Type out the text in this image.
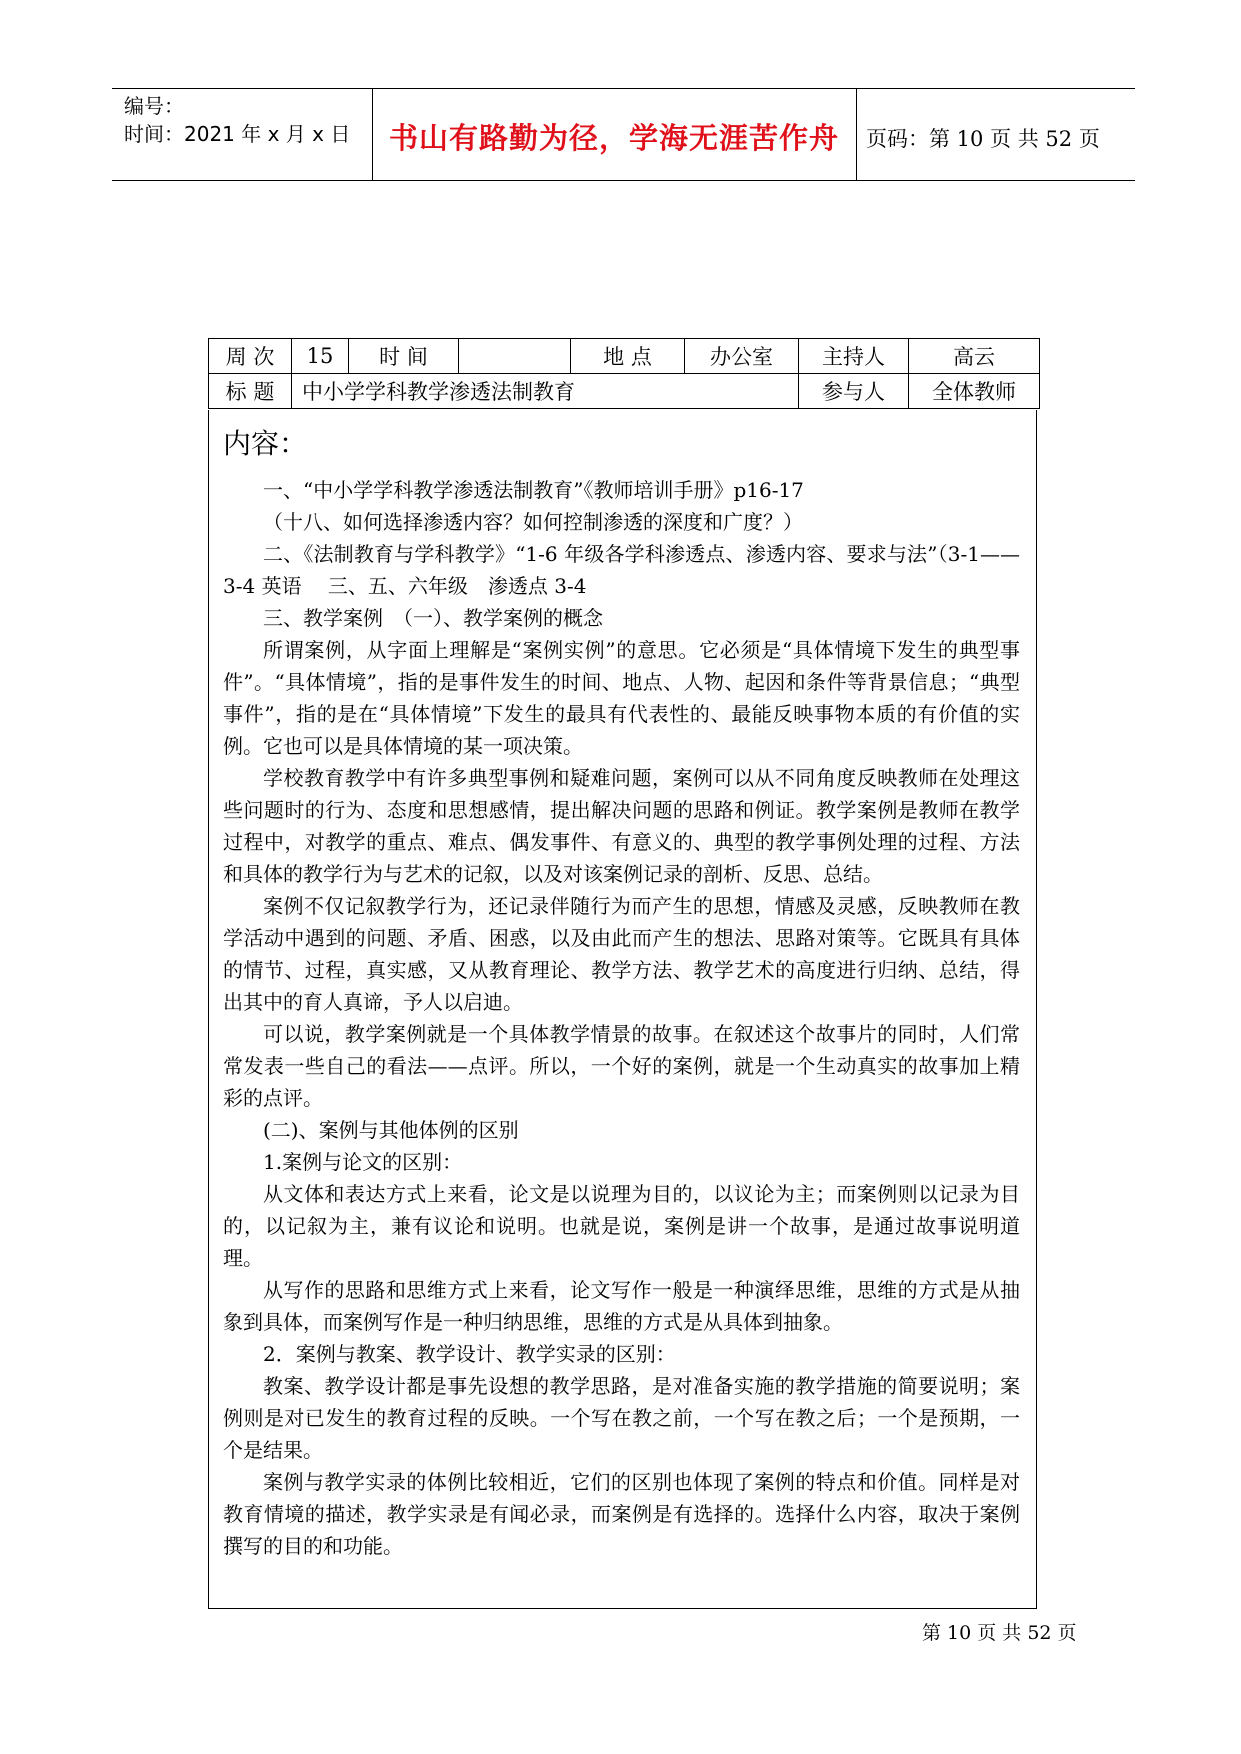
编号：
时间：2021 年 x 月 x 日	书山有路勤为径，学海无涯苦作舟	页码：第 10 页 共 52 页
周 次	15	时 间		地 点	办公室	主持人	高云
标 题	中小学学科教学渗透法制教育					参与人	全体教师
内容：

一、“中小学学科教学渗透法制教育”《教师培训手册》p16-17

（十八、如何选择渗透内容？如何控制渗透的深度和广度？）

二、《法制教育与学科教学》“1-6 年级各学科渗透点、渗透内容、要求与法”（3-1——3-4 英语　 三、五、六年级　渗透点 3-4

三、教学案例　（一）、教学案例的概念

所谓案例，从字面上理解是“案例实例”的意思。它必须是“具体情境下发生的典型事件”。“具体情境”，指的是事件发生的时间、地点、人物、起因和条件等背景信息；“典型事件”，指的是在“具体情境”下发生的最具有代表性的、最能反映事物本质的有价值的实例。它也可以是具体情境的某一项决策。

学校教育教学中有许多典型事例和疑难问题，案例可以从不同角度反映教师在处理这些问题时的行为、态度和思想感情，提出解决问题的思路和例证。教学案例是教师在教学过程中，对教学的重点、难点、偶发事件、有意义的、典型的教学事例处理的过程、方法和具体的教学行为与艺术的记叙，以及对该案例记录的剖析、反思、总结。

案例不仅记叙教学行为，还记录伴随行为而产生的思想，情感及灵感，反映教师在教学活动中遇到的问题、矛盾、困惑，以及由此而产生的想法、思路对策等。它既具有具体的情节、过程，真实感，又从教育理论、教学方法、教学艺术的高度进行归纳、总结，得出其中的育人真谛，予人以启迪。

可以说，教学案例就是一个具体教学情景的故事。在叙述这个故事片的同时，人们常常发表一些自己的看法——点评。所以，一个好的案例，就是一个生动真实的故事加上精彩的点评。

(二)、案例与其他体例的区别

1.案例与论文的区别：

从文体和表达方式上来看，论文是以说理为目的，以议论为主；而案例则以记录为目的，以记叙为主，兼有议论和说明。也就是说，案例是讲一个故事，是通过故事说明道理。

从写作的思路和思维方式上来看，论文写作一般是一种演绎思维，思维的方式是从抽象到具体，而案例写作是一种归纳思维，思维的方式是从具体到抽象。

2．案例与教案、教学设计、教学实录的区别：

教案、教学设计都是事先设想的教学思路，是对准备实施的教学措施的简要说明；案例则是对已发生的教育过程的反映。一个写在教之前，一个写在教之后；一个是预期，一个是结果。

案例与教学实录的体例比较相近，它们的区别也体现了案例的特点和价值。同样是对教育情境的描述，教学实录是有闻必录，而案例是有选择的。选择什么内容，取决于案例撰写的目的和功能。

第 10 页 共 52 页
